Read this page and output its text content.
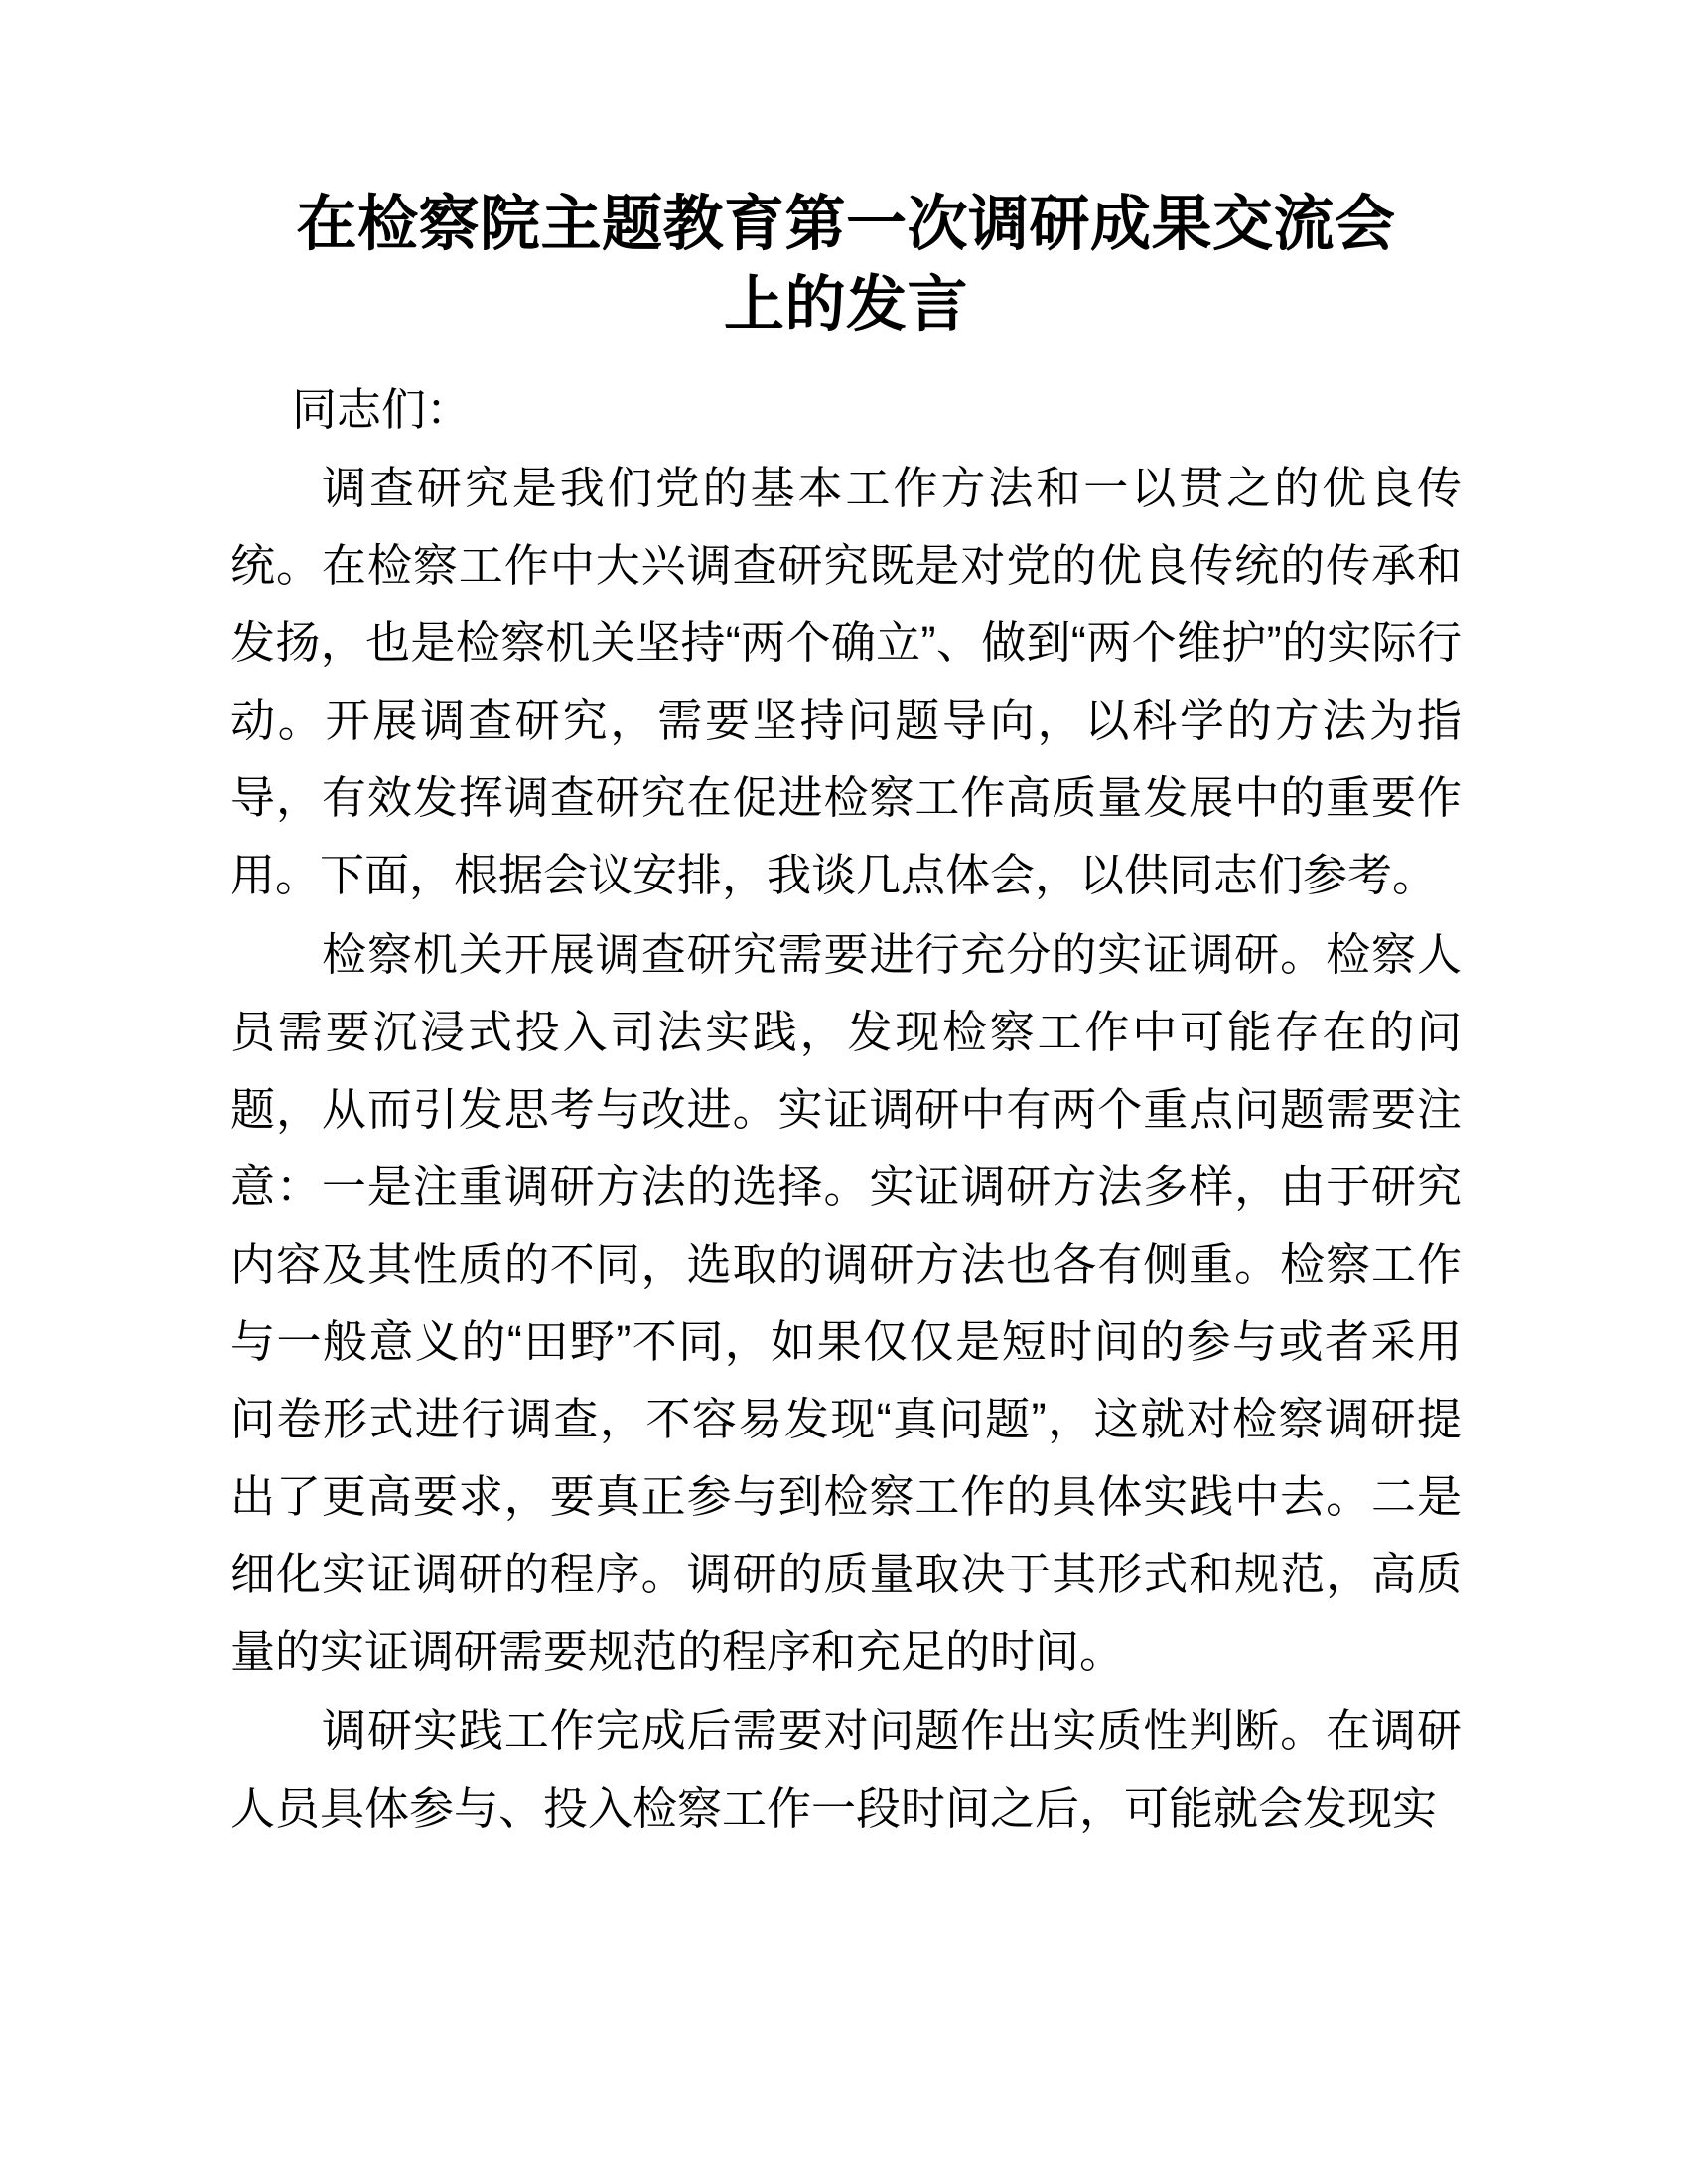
在检察院主题教育第一次调研成果交流会上的发言

同志们：

调查研究是我们党的基本工作方法和一以贯之的优良传统。在检察工作中大兴调查研究既是对党的优良传统的传承和发扬，也是检察机关坚持“两个确立”、做到“两个维护”的实际行动。开展调查研究，需要坚持问题导向，以科学的方法为指导，有效发挥调查研究在促进检察工作高质量发展中的重要作用。下面，根据会议安排，我谈几点体会，以供同志们参考。

检察机关开展调查研究需要进行充分的实证调研。检察人员需要沉浸式投入司法实践，发现检察工作中可能存在的问题，从而引发思考与改进。实证调研中有两个重点问题需要注意：一是注重调研方法的选择。实证调研方法多样，由于研究内容及其性质的不同，选取的调研方法也各有侧重。检察工作与一般意义的“田野”不同，如果仅仅是短时间的参与或者采用问卷形式进行调查，不容易发现“真问题”，这就对检察调研提出了更高要求，要真正参与到检察工作的具体实践中去。二是细化实证调研的程序。调研的质量取决于其形式和规范，高质量的实证调研需要规范的程序和充足的时间。

调研实践工作完成后需要对问题作出实质性判断。在调研人员具体参与、投入检察工作一段时间之后，可能就会发现实
